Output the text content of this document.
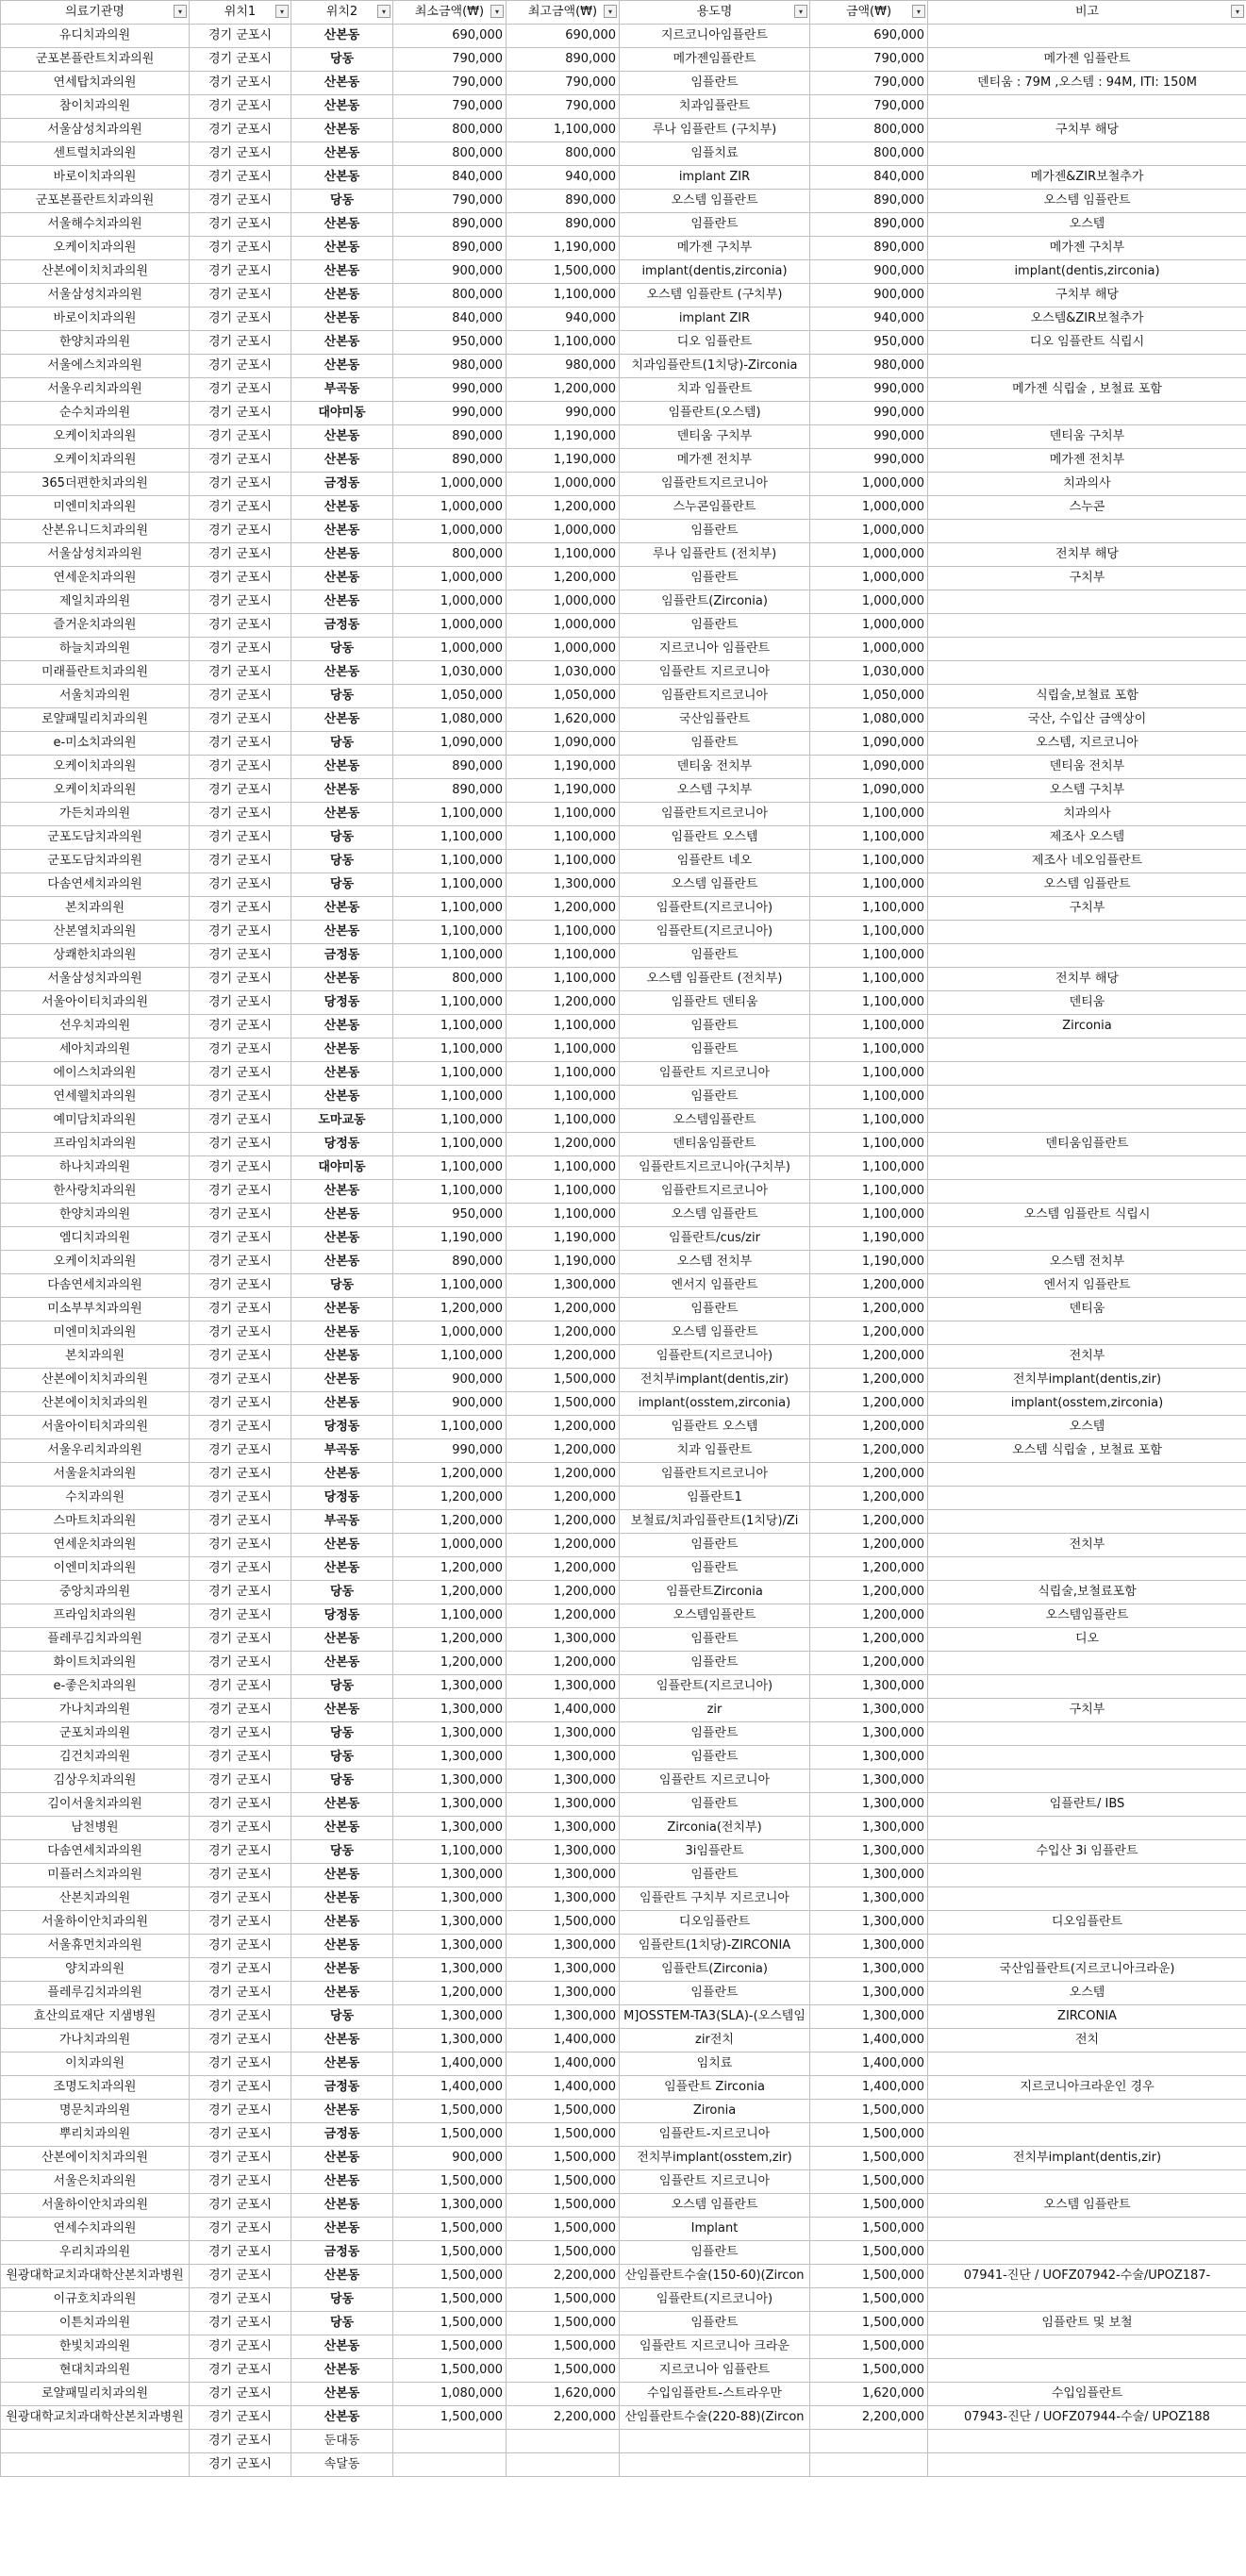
의료기관명 ▾	위치1 ▾	위치2 ▾	최소금액(₩) ▾	최고금액(₩) ▾	용도명 ▾	금액(₩) ▾	비고 ▾

유디치과의원	경기 군포시	산본동	690,000	690,000	지르코니아임플란트	690,000	
군포본플란트치과의원	경기 군포시	당동	790,000	890,000	메가젠임플란트	790,000	메가젠 임플란트
연세탑치과의원	경기 군포시	산본동	790,000	790,000	임플란트	790,000	덴티움 : 79M ,오스템 : 94M, ITI: 150M
참이치과의원	경기 군포시	산본동	790,000	790,000	치과임플란트	790,000	
서울삼성치과의원	경기 군포시	산본동	800,000	1,100,000	루나 임플란트 (구치부)	800,000	구치부 해당
센트럴치과의원	경기 군포시	산본동	800,000	800,000	임플치료	800,000	
바로이치과의원	경기 군포시	산본동	840,000	940,000	implant ZIR	840,000	메가젠&ZIR보철추가
군포본플란트치과의원	경기 군포시	당동	790,000	890,000	오스템 임플란트	890,000	오스템 임플란트
서울해수치과의원	경기 군포시	산본동	890,000	890,000	임플란트	890,000	오스템
오케이치과의원	경기 군포시	산본동	890,000	1,190,000	메가젠 구치부	890,000	메가젠 구치부
산본에이치치과의원	경기 군포시	산본동	900,000	1,500,000	implant(dentis,zirconia)	900,000	implant(dentis,zirconia)
서울삼성치과의원	경기 군포시	산본동	800,000	1,100,000	오스템 임플란트 (구치부)	900,000	구치부 해당
바로이치과의원	경기 군포시	산본동	840,000	940,000	implant ZIR	940,000	오스템&ZIR보철추가
한양치과의원	경기 군포시	산본동	950,000	1,100,000	디오 임플란트	950,000	디오 임플란트 식립시
서울에스치과의원	경기 군포시	산본동	980,000	980,000	치과임플란트(1치당)-Zirconia	980,000	
서울우리치과의원	경기 군포시	부곡동	990,000	1,200,000	치과 임플란트	990,000	메가젠 식립술 , 보철료 포함
순수치과의원	경기 군포시	대야미동	990,000	990,000	임플란트(오스템)	990,000	
오케이치과의원	경기 군포시	산본동	890,000	1,190,000	덴티움 구치부	990,000	덴티움 구치부
오케이치과의원	경기 군포시	산본동	890,000	1,190,000	메가젠 전치부	990,000	메가젠 전치부
365더편한치과의원	경기 군포시	금정동	1,000,000	1,000,000	임플란트지르코니아	1,000,000	치과의사
미엔미치과의원	경기 군포시	산본동	1,000,000	1,200,000	스누콘임플란트	1,000,000	스누콘
산본유니드치과의원	경기 군포시	산본동	1,000,000	1,000,000	임플란트	1,000,000	
서울삼성치과의원	경기 군포시	산본동	800,000	1,100,000	루나 임플란트 (전치부)	1,000,000	전치부 해당
연세운치과의원	경기 군포시	산본동	1,000,000	1,200,000	임플란트	1,000,000	구치부
제일치과의원	경기 군포시	산본동	1,000,000	1,000,000	임플란트(Zirconia)	1,000,000	
즐거운치과의원	경기 군포시	금정동	1,000,000	1,000,000	임플란트	1,000,000	
하늘치과의원	경기 군포시	당동	1,000,000	1,000,000	지르코니아 임플란트	1,000,000	
미래플란트치과의원	경기 군포시	산본동	1,030,000	1,030,000	임플란트 지르코니아	1,030,000	
서울치과의원	경기 군포시	당동	1,050,000	1,050,000	임플란트지르코니아	1,050,000	식립술,보철료 포함
로얄패밀리치과의원	경기 군포시	산본동	1,080,000	1,620,000	국산임플란트	1,080,000	국산, 수입산 금액상이
e-미소치과의원	경기 군포시	당동	1,090,000	1,090,000	임플란트	1,090,000	오스템, 지르코니아
오케이치과의원	경기 군포시	산본동	890,000	1,190,000	덴티움 전치부	1,090,000	덴티움 전치부
오케이치과의원	경기 군포시	산본동	890,000	1,190,000	오스템 구치부	1,090,000	오스템 구치부
가든치과의원	경기 군포시	산본동	1,100,000	1,100,000	임플란트지르코니아	1,100,000	치과의사
군포도담치과의원	경기 군포시	당동	1,100,000	1,100,000	임플란트 오스템	1,100,000	제조사 오스템
군포도담치과의원	경기 군포시	당동	1,100,000	1,100,000	임플란트 네오	1,100,000	제조사 네오임플란트
다솜연세치과의원	경기 군포시	당동	1,100,000	1,300,000	오스템 임플란트	1,100,000	오스템 임플란트
본치과의원	경기 군포시	산본동	1,100,000	1,200,000	임플란트(지르코니아)	1,100,000	구치부
산본열치과의원	경기 군포시	산본동	1,100,000	1,100,000	임플란트(지르코니아)	1,100,000	
상쾌한치과의원	경기 군포시	금정동	1,100,000	1,100,000	임플란트	1,100,000	
서울삼성치과의원	경기 군포시	산본동	800,000	1,100,000	오스템 임플란트 (전치부)	1,100,000	전치부 해당
서울아이티치과의원	경기 군포시	당정동	1,100,000	1,200,000	임플란트 덴티움	1,100,000	덴티움
선우치과의원	경기 군포시	산본동	1,100,000	1,100,000	임플란트	1,100,000	Zirconia
세아치과의원	경기 군포시	산본동	1,100,000	1,100,000	임플란트	1,100,000	
에이스치과의원	경기 군포시	산본동	1,100,000	1,100,000	임플란트 지르코니아	1,100,000	
연세웰치과의원	경기 군포시	산본동	1,100,000	1,100,000	임플란트	1,100,000	
예미담치과의원	경기 군포시	도마교동	1,100,000	1,100,000	오스템임플란트	1,100,000	
프라임치과의원	경기 군포시	당정동	1,100,000	1,200,000	덴티움임플란트	1,100,000	덴티움임플란트
하나치과의원	경기 군포시	대야미동	1,100,000	1,100,000	임플란트지르코니아(구치부)	1,100,000	
한사랑치과의원	경기 군포시	산본동	1,100,000	1,100,000	임플란트지르코니아	1,100,000	
한양치과의원	경기 군포시	산본동	950,000	1,100,000	오스템 임플란트	1,100,000	오스템 임플란트 식립시
엠디치과의원	경기 군포시	산본동	1,190,000	1,190,000	임플란트/cus/zir	1,190,000	
오케이치과의원	경기 군포시	산본동	890,000	1,190,000	오스템 전치부	1,190,000	오스템 전치부
다솜연세치과의원	경기 군포시	당동	1,100,000	1,300,000	엔서지 임플란트	1,200,000	엔서지 임플란트
미소부부치과의원	경기 군포시	산본동	1,200,000	1,200,000	임플란트	1,200,000	덴티움
미엔미치과의원	경기 군포시	산본동	1,000,000	1,200,000	오스템 임플란트	1,200,000	
본치과의원	경기 군포시	산본동	1,100,000	1,200,000	임플란트(지르코니아)	1,200,000	전치부
산본에이치치과의원	경기 군포시	산본동	900,000	1,500,000	전치부implant(dentis,zir)	1,200,000	전치부implant(dentis,zir)
산본에이치치과의원	경기 군포시	산본동	900,000	1,500,000	implant(osstem,zirconia)	1,200,000	implant(osstem,zirconia)
서울아이티치과의원	경기 군포시	당정동	1,100,000	1,200,000	임플란트 오스템	1,200,000	오스템
서울우리치과의원	경기 군포시	부곡동	990,000	1,200,000	치과 임플란트	1,200,000	오스템 식립술 , 보철료 포함
서울윤치과의원	경기 군포시	산본동	1,200,000	1,200,000	임플란트지르코니아	1,200,000	
수치과의원	경기 군포시	당정동	1,200,000	1,200,000	임플란트1	1,200,000	
스마트치과의원	경기 군포시	부곡동	1,200,000	1,200,000	보철료/치과임플란트(1치당)/Zi	1,200,000	
연세운치과의원	경기 군포시	산본동	1,000,000	1,200,000	임플란트	1,200,000	전치부
이엔미치과의원	경기 군포시	산본동	1,200,000	1,200,000	임플란트	1,200,000	
중앙치과의원	경기 군포시	당동	1,200,000	1,200,000	임플란트Zirconia	1,200,000	식립술,보철료포함
프라임치과의원	경기 군포시	당정동	1,100,000	1,200,000	오스템임플란트	1,200,000	오스템임플란트
플레루김치과의원	경기 군포시	산본동	1,200,000	1,300,000	임플란트	1,200,000	디오
화이트치과의원	경기 군포시	산본동	1,200,000	1,200,000	임플란트	1,200,000	
e-좋은치과의원	경기 군포시	당동	1,300,000	1,300,000	임플란트(지르코니아)	1,300,000	
가나치과의원	경기 군포시	산본동	1,300,000	1,400,000	zir	1,300,000	구치부
군포치과의원	경기 군포시	당동	1,300,000	1,300,000	임플란트	1,300,000	
김건치과의원	경기 군포시	당동	1,300,000	1,300,000	임플란트	1,300,000	
김상우치과의원	경기 군포시	당동	1,300,000	1,300,000	임플란트 지르코니아	1,300,000	
김이서울치과의원	경기 군포시	산본동	1,300,000	1,300,000	임플란트	1,300,000	임플란트/ IBS
남천병원	경기 군포시	산본동	1,300,000	1,300,000	Zirconia(전치부)	1,300,000	
다솜연세치과의원	경기 군포시	당동	1,100,000	1,300,000	3i임플란트	1,300,000	수입산 3i 임플란트
미플러스치과의원	경기 군포시	산본동	1,300,000	1,300,000	임플란트	1,300,000	
산본치과의원	경기 군포시	산본동	1,300,000	1,300,000	임플란트 구치부 지르코니아	1,300,000	
서울하이안치과의원	경기 군포시	산본동	1,300,000	1,500,000	디오임플란트	1,300,000	디오임플란트
서울휴먼치과의원	경기 군포시	산본동	1,300,000	1,300,000	임플란트(1치당)-ZIRCONIA	1,300,000	
양치과의원	경기 군포시	산본동	1,300,000	1,300,000	임플란트(Zirconia)	1,300,000	국산임플란트(지르코니아크라운)
플레루김치과의원	경기 군포시	산본동	1,200,000	1,300,000	임플란트	1,300,000	오스템
효산의료재단 지샘병원	경기 군포시	당동	1,300,000	1,300,000	M]OSSTEM-TA3(SLA)-(오스템임	1,300,000	ZIRCONIA
가나치과의원	경기 군포시	산본동	1,300,000	1,400,000	zir전치	1,400,000	전치
이치과의원	경기 군포시	산본동	1,400,000	1,400,000	임치료	1,400,000	
조명도치과의원	경기 군포시	금정동	1,400,000	1,400,000	임플란트 Zirconia	1,400,000	지르코니아크라운인 경우
명문치과의원	경기 군포시	산본동	1,500,000	1,500,000	Zironia	1,500,000	
뿌리치과의원	경기 군포시	금정동	1,500,000	1,500,000	임플란트-지르코니아	1,500,000	
산본에이치치과의원	경기 군포시	산본동	900,000	1,500,000	전치부implant(osstem,zir)	1,500,000	전치부implant(dentis,zir)
서울은치과의원	경기 군포시	산본동	1,500,000	1,500,000	임플란트 지르코니아	1,500,000	
서울하이안치과의원	경기 군포시	산본동	1,300,000	1,500,000	오스템 임플란트	1,500,000	오스템 임플란트
연세수치과의원	경기 군포시	산본동	1,500,000	1,500,000	Implant	1,500,000	
우리치과의원	경기 군포시	금정동	1,500,000	1,500,000	임플란트	1,500,000	
원광대학교치과대학산본치과병원	경기 군포시	산본동	1,500,000	2,200,000	산임플란트수술(150-60)(Zircon	1,500,000	07941-진단 / UOFZ07942-수술/UPOZ187-
이규호치과의원	경기 군포시	당동	1,500,000	1,500,000	임플란트(지르코니아)	1,500,000	
이튼치과의원	경기 군포시	당동	1,500,000	1,500,000	임플란트	1,500,000	임플란트 및 보철
한빛치과의원	경기 군포시	산본동	1,500,000	1,500,000	임플란트 지르코니아 크라운	1,500,000	
현대치과의원	경기 군포시	산본동	1,500,000	1,500,000	지르코니아 임플란트	1,500,000	
로얄패밀리치과의원	경기 군포시	산본동	1,080,000	1,620,000	수입임플란트-스트라우만	1,620,000	수입임플란트
원광대학교치과대학산본치과병원	경기 군포시	산본동	1,500,000	2,200,000	산임플란트수술(220-88)(Zircon	2,200,000	07943-진단 / UOFZ07944-수술/ UPOZ188
	경기 군포시	둔대동					
	경기 군포시	속달동					
